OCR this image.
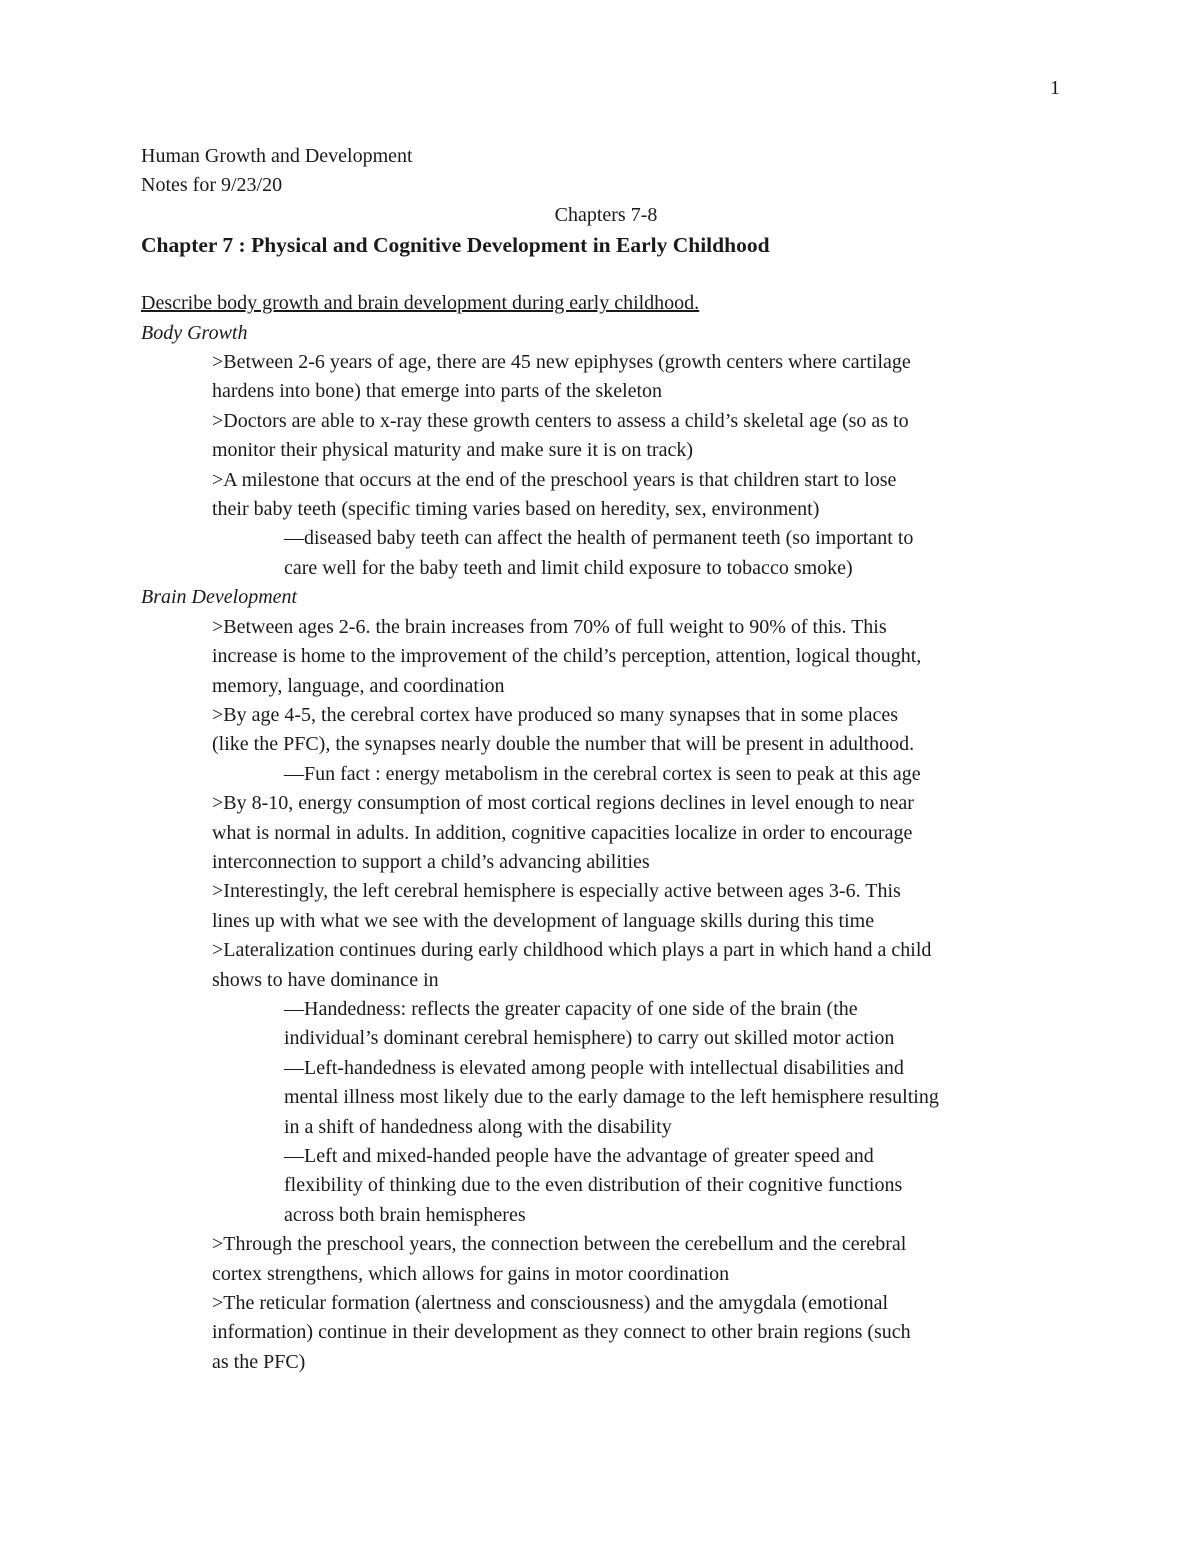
1
Human Growth and Development
Notes for 9/23/20
Chapters 7-8
Chapter 7 : Physical and Cognitive Development in Early Childhood
Describe body growth and brain development during early childhood.
Body Growth
>Between 2-6 years of age, there are 45 new epiphyses (growth centers where cartilage
hardens into bone) that emerge into parts of the skeleton
>Doctors are able to x-ray these growth centers to assess a child’s skeletal age (so as to
monitor their physical maturity and make sure it is on track)
>A milestone that occurs at the end of the preschool years is that children start to lose
their baby teeth (specific timing varies based on heredity, sex, environment)
—diseased baby teeth can affect the health of permanent teeth (so important to
care well for the baby teeth and limit child exposure to tobacco smoke)
Brain Development
>Between ages 2-6. the brain increases from 70% of full weight to 90% of this. This
increase is home to the improvement of the child’s perception, attention, logical thought,
memory, language, and coordination
>By age 4-5, the cerebral cortex have produced so many synapses that in some places
(like the PFC), the synapses nearly double the number that will be present in adulthood.
—Fun fact : energy metabolism in the cerebral cortex is seen to peak at this age
>By 8-10, energy consumption of most cortical regions declines in level enough to near
what is normal in adults. In addition, cognitive capacities localize in order to encourage
interconnection to support a child’s advancing abilities
>Interestingly, the left cerebral hemisphere is especially active between ages 3-6. This
lines up with what we see with the development of language skills during this time
>Lateralization continues during early childhood which plays a part in which hand a child
shows to have dominance in
—Handedness: reflects the greater capacity of one side of the brain (the
individual’s dominant cerebral hemisphere) to carry out skilled motor action
—Left-handedness is elevated among people with intellectual disabilities and
mental illness most likely due to the early damage to the left hemisphere resulting
in a shift of handedness along with the disability
—Left and mixed-handed people have the advantage of greater speed and
flexibility of thinking due to the even distribution of their cognitive functions
across both brain hemispheres
>Through the preschool years, the connection between the cerebellum and the cerebral
cortex strengthens, which allows for gains in motor coordination
>The reticular formation (alertness and consciousness) and the amygdala (emotional
information) continue in their development as they connect to other brain regions (such
as the PFC)
